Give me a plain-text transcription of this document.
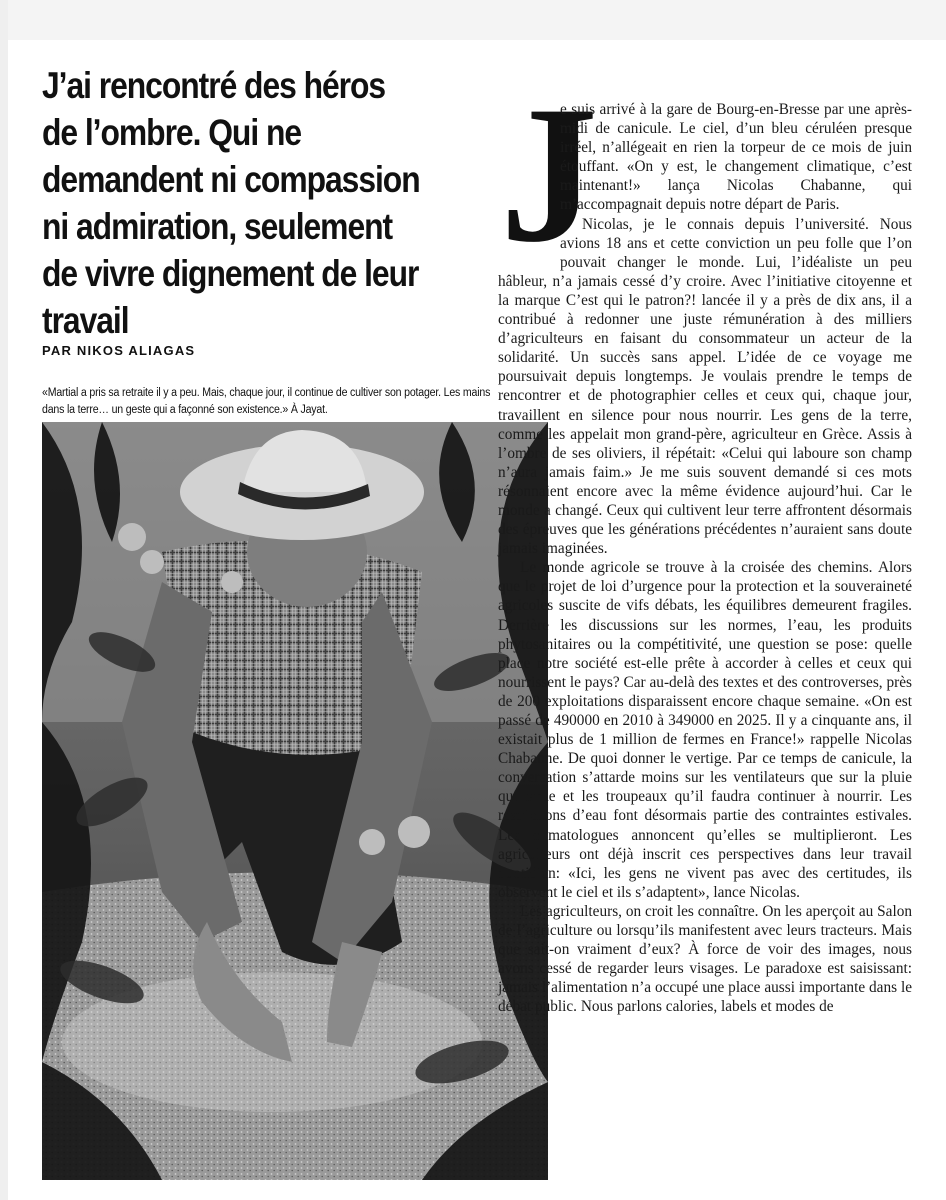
J’ai rencontré des héros de l’ombre. Qui ne demandent ni compassion ni admiration, seulement de vivre dignement de leur travail
PAR NIKOS ALIAGAS

«Martial a pris sa retraite il y a peu. Mais, chaque jour, il continue de cultiver son potager. Les mains dans la terre… un geste qui a façonné son existence.» À Jayat.

J

e suis arrivé à la gare de Bourg-en-Bresse par une après-midi de canicule. Le ciel, d’un bleu céruléen presque irréel, n’allégeait en rien la torpeur de ce mois de juin étouffant. «On y est, le changement climatique, c’est maintenant!» lança Nicolas Chabanne, qui m’accompagnait depuis notre départ de Paris.

Nicolas, je le connais depuis l’université. Nous avions 18 ans et cette conviction un peu folle que l’on pouvait changer le monde. Lui, l’idéaliste un peu hâbleur, n’a jamais cessé d’y croire. Avec l’initiative citoyenne et la marque C’est qui le patron?! lancée il y a près de dix ans, il a contribué à redonner une juste rémunération à des milliers d’agriculteurs en faisant du consommateur un acteur de la solidarité. Un succès sans appel. L’idée de ce voyage me poursuivait depuis longtemps. Je voulais prendre le temps de rencontrer et de photographier celles et ceux qui, chaque jour, travaillent en silence pour nous nourrir. Les gens de la terre, comme les appelait mon grand-père, agriculteur en Grèce. Assis à l’ombre de ses oliviers, il répétait: «Celui qui laboure son champ n’aura jamais faim.» Je me suis souvent demandé si ces mots résonnaient encore avec la même évidence aujourd’hui. Car le monde a changé. Ceux qui cultivent leur terre affrontent désormais des épreuves que les générations précédentes n’auraient sans doute jamais imaginées.

Le monde agricole se trouve à la croisée des chemins. Alors que le projet de loi d’urgence pour la protection et la souveraineté agricoles suscite de vifs débats, les équilibres demeurent fragiles. Derrière les discussions sur les normes, l’eau, les produits phytosanitaires ou la compétitivité, une question se pose: quelle place notre société est-elle prête à accorder à celles et ceux qui nourrissent le pays? Car au-delà des textes et des controverses, près de 200 exploitations disparaissent encore chaque semaine. «On est passé de 490000 en 2010 à 349000 en 2025. Il y a cinquante ans, il existait plus de 1 million de fermes en France!» rappelle Nicolas Chabanne. De quoi donner le vertige. Par ce temps de canicule, la conversation s’attarde moins sur les ventilateurs que sur la pluie qui tarde et les troupeaux qu’il faudra continuer à nourrir. Les restrictions d’eau font désormais partie des contraintes estivales. Les climatologues annoncent qu’elles se multiplieront. Les agriculteurs ont déjà inscrit ces perspectives dans leur travail quotidien: «Ici, les gens ne vivent pas avec des certitudes, ils observent le ciel et ils s’adaptent», lance Nicolas.

Les agriculteurs, on croit les connaître. On les aperçoit au Salon de l’agriculture ou lorsqu’ils manifestent avec leurs tracteurs. Mais que sait-on vraiment d’eux? À force de voir des images, nous avons cessé de regarder leurs visages. Le paradoxe est saisissant: jamais l’alimentation n’a occupé une place aussi importante dans le débat public. Nous parlons calories, labels et modes de
